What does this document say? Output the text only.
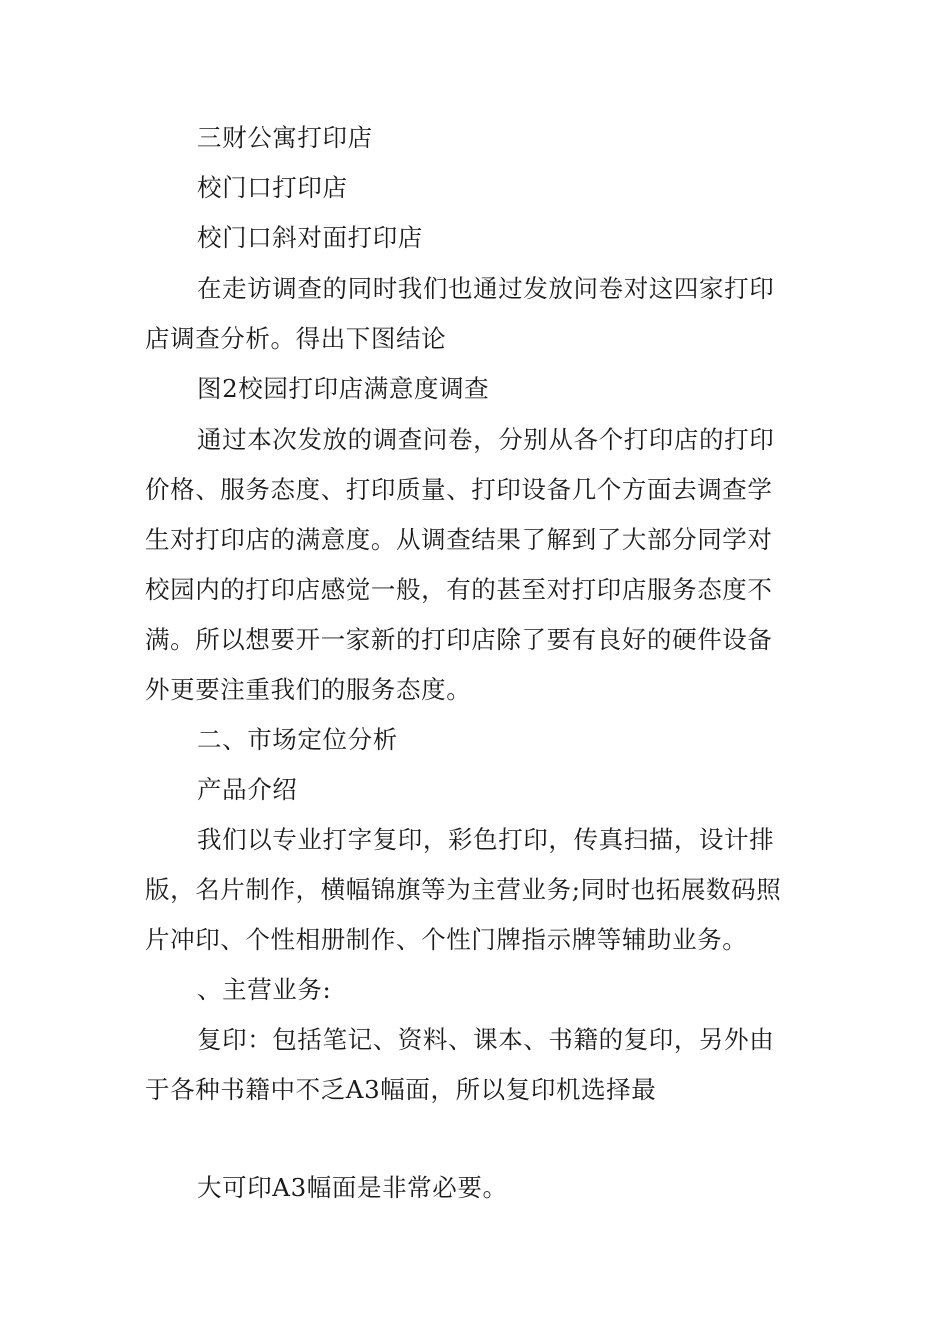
三财公寓打印店
校门口打印店
校门口斜对面打印店
在走访调查的同时我们也通过发放问卷对这四家打印
店调查分析。得出下图结论
图2校园打印店满意度调查
通过本次发放的调查问卷，分别从各个打印店的打印
价格、服务态度、打印质量、打印设备几个方面去调查学
生对打印店的满意度。从调查结果了解到了大部分同学对
校园内的打印店感觉一般，有的甚至对打印店服务态度不
满。所以想要开一家新的打印店除了要有良好的硬件设备
外更要注重我们的服务态度。
二、市场定位分析
产品介绍
我们以专业打字复印，彩色打印，传真扫描，设计排
版，名片制作，横幅锦旗等为主营业务;同时也拓展数码照
片冲印、个性相册制作、个性门牌指示牌等辅助业务。
、主营业务:
复印：包括笔记、资料、课本、书籍的复印，另外由
于各种书籍中不乏A3幅面，所以复印机选择最
大可印A3幅面是非常必要。
